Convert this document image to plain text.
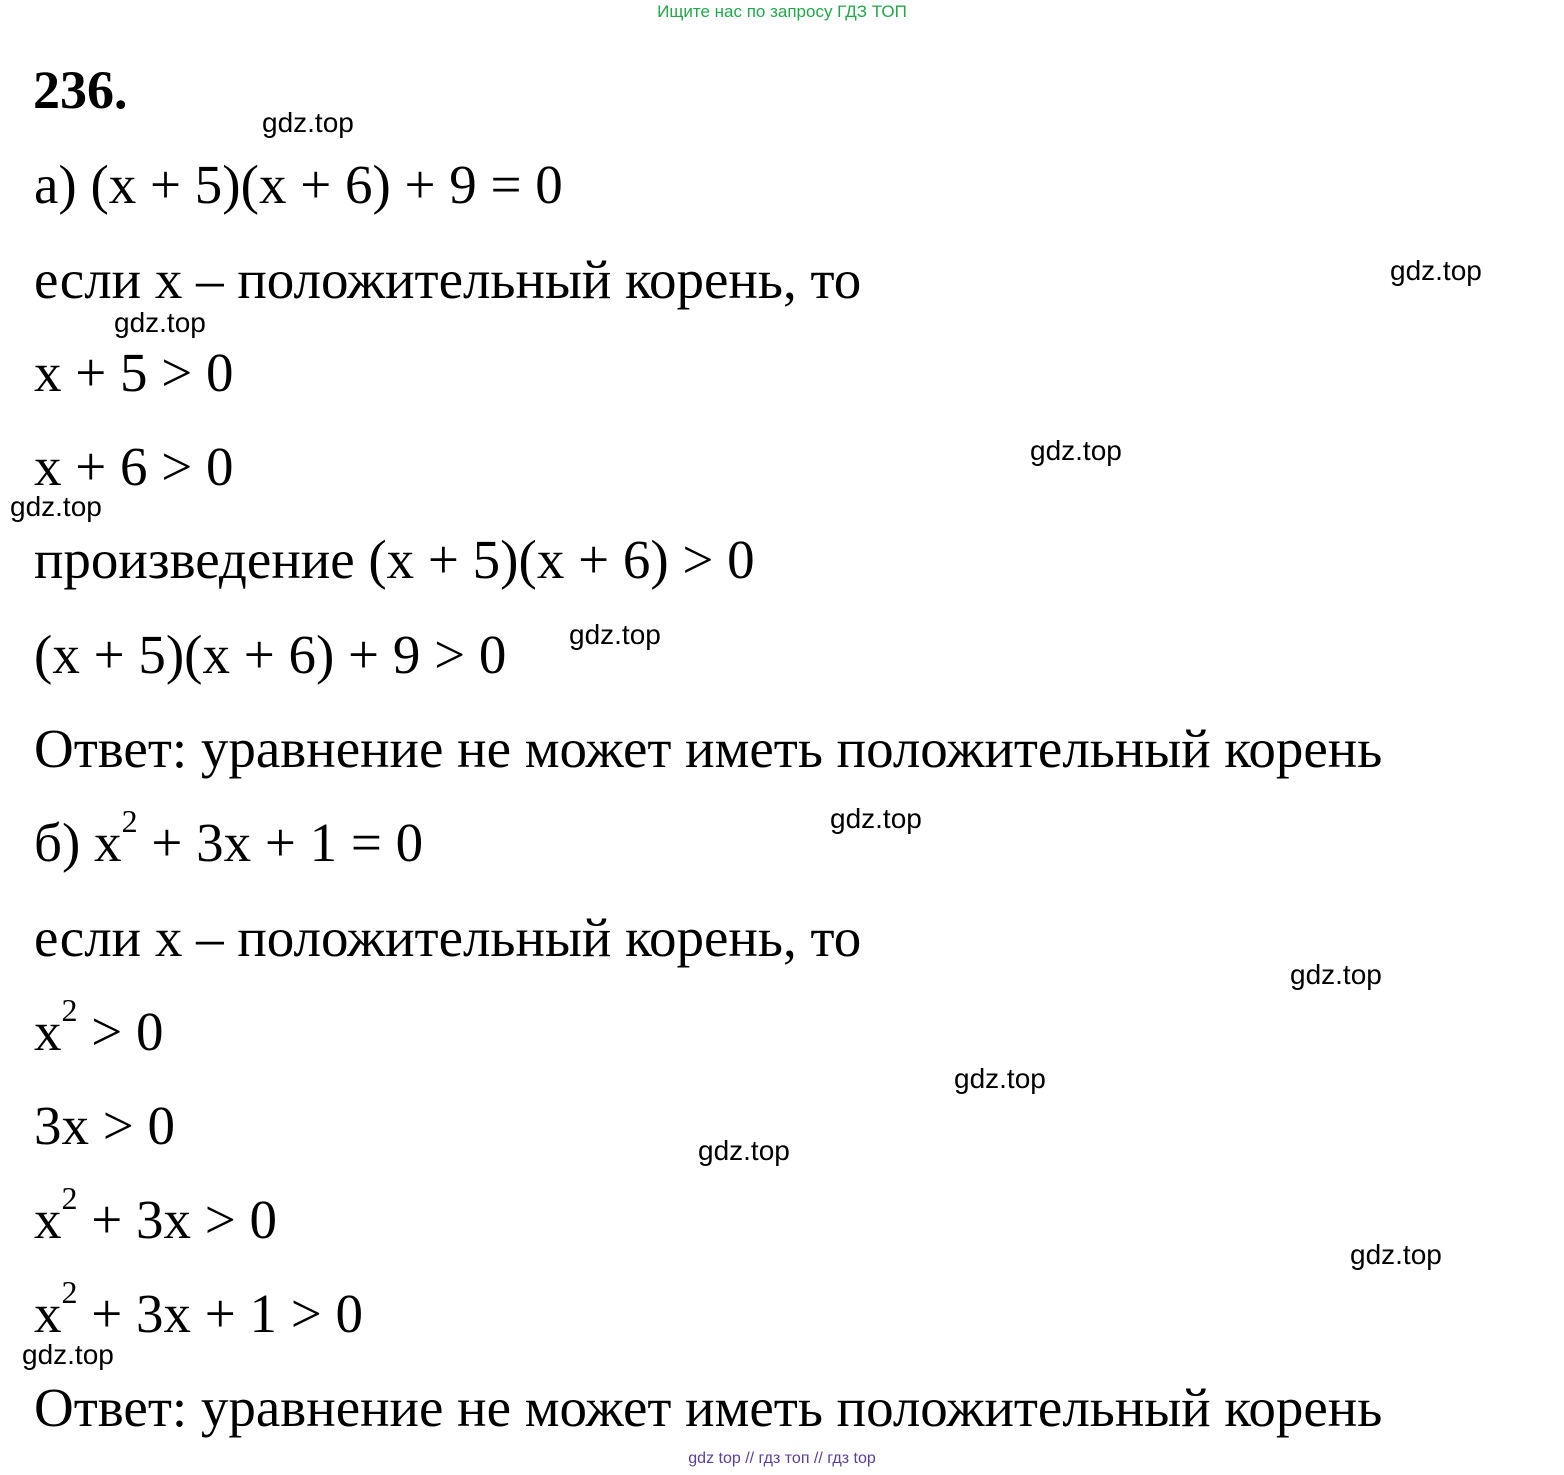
Ищите нас по запросу ГДЗ ТОП
236.
а) (x + 5)(x + 6) + 9 = 0
если x – положительный корень, то
x + 5 > 0
x + 6 > 0
произведение (x + 5)(x + 6) > 0
(x + 5)(x + 6) + 9 > 0
Ответ: уравнение не может иметь положительный корень
б) $x^2 + 3x + 1 = 0$
если x – положительный корень, то
$x^2 > 0$
3x > 0
$x^2 + 3x > 0$
$x^2 + 3x + 1 > 0$
Ответ: уравнение не может иметь положительный корень
gdz.top
gdz.top
gdz.top
gdz.top
gdz.top
gdz.top
gdz.top
gdz.top
gdz.top
gdz.top
gdz.top
gdz.top
gdz top // гдз топ // гдз top
